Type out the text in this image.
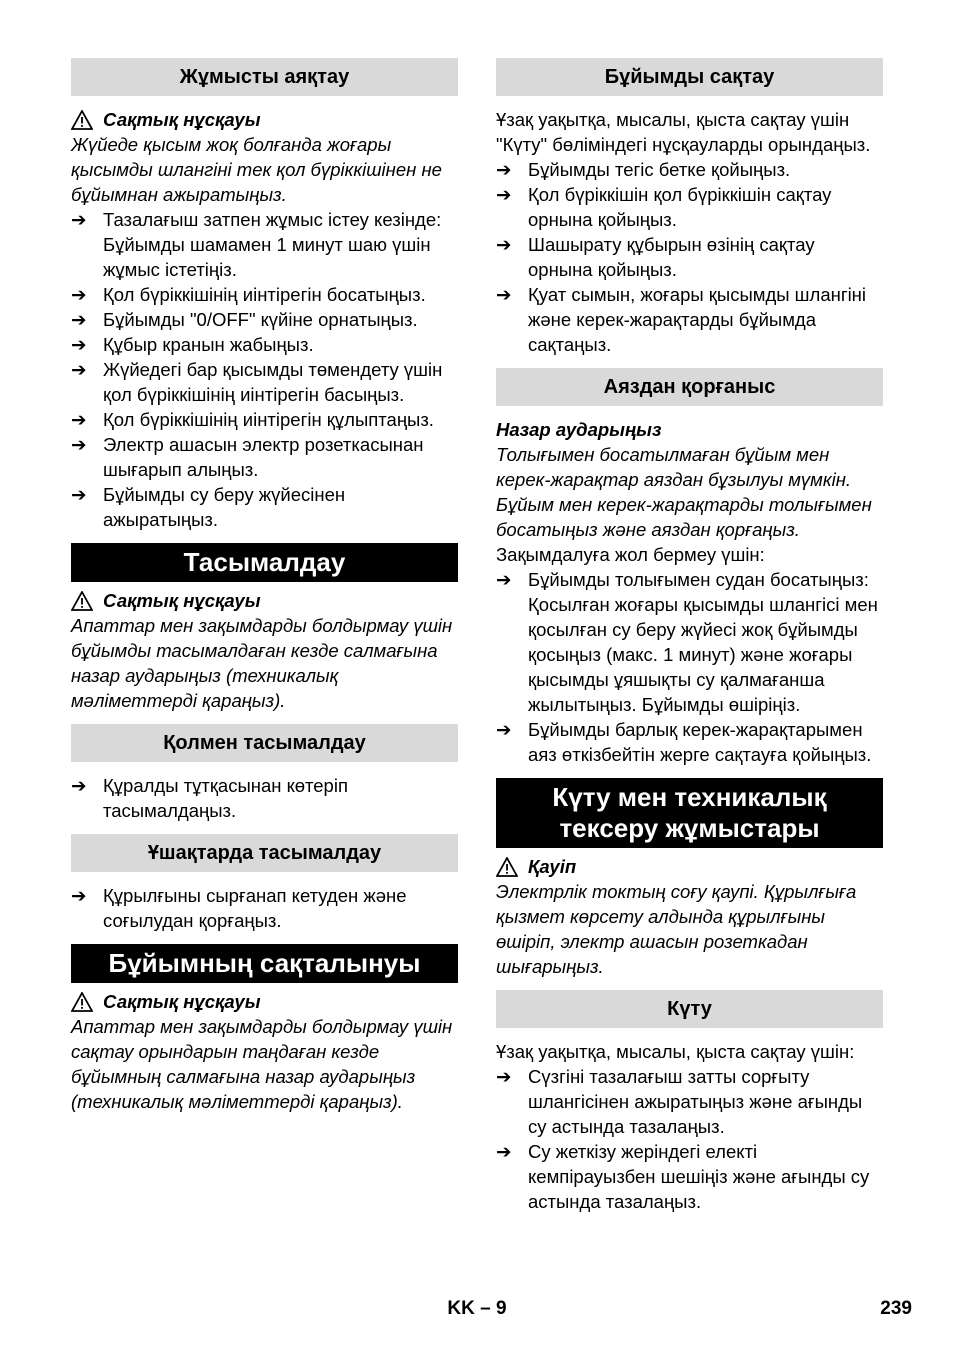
Жұмысты аяқтау
Сақтық нұсқауы

Жүйеде қысым жоқ болғанда жоғары қысымды шлангіні тек қол бүріккішінен не бұйымнан ажыратыңыз.

➔ Тазалағыш затпен жұмыс істеу кезінде: Бұйымды шамамен 1 минут шаю үшін жұмыс істетіңіз.
➔ Қол бүріккішінің иінтірегін босатыңыз.
➔ Бұйымды "0/OFF" күйіне орнатыңыз.
➔ Құбыр кранын жабыңыз.
➔ Жүйедегі бар қысымды төмендету үшін қол бүріккішінің иінтірегін басыңыз.
➔ Қол бүріккішінің иінтірегін құлыптаңыз.
➔ Электр ашасын электр розеткасынан шығарып алыңыз.
➔ Бұйымды су беру жүйесінен ажыратыңыз.
Тасымалдау
Сақтық нұсқауы

Апаттар мен зақымдарды болдырмау үшін бұйымды тасымалдаған кезде салмағына назар аударыңыз (техникалық мәліметтерді қараңыз).

Қолмен тасымалдау
➔ Құралды тұтқасынан көтеріп тасымалдаңыз.
Ұшақтарда тасымалдау
➔ Құрылғыны сырғанап кетуден және соғылудан қорғаңыз.
Бұйымның сақталынуы
Сақтық нұсқауы

Апаттар мен зақымдарды болдырмау үшін сақтау орындарын таңдаған кезде бұйымның салмағына назар аударыңыз (техникалық мәліметтерді қараңыз).

Бұйымды сақтау

Ұзақ уақытқа, мысалы, қыста сақтау үшін "Күту" бөліміндегі нұсқауларды орындаңыз.

➔ Бұйымды тегіс бетке қойыңыз.
➔ Қол бүріккішін қол бүріккішін сақтау орнына қойыңыз.
➔ Шашырату құбырын өзінің сақтау орнына қойыңыз.
➔ Қуат сымын, жоғары қысымды шлангіні және керек-жарақтарды бұйымда сақтаңыз.
Аяздан қорғаныс
Назар аударыңыз

Толығымен босатылмаған бұйым мен керек-жарақтар аяздан бұзылуы мүмкін. Бұйым мен керек-жарақтарды толығымен босатыңыз және аяздан қорғаңыз.

Зақымдалуға жол бермеу үшін:

➔ Бұйымды толығымен судан босатыңыз: Қосылған жоғары қысымды шлангісі мен қосылған су беру жүйесі жоқ бұйымды қосыңыз (макс. 1 минут) және жоғары қысымды ұяшықты су қалмағанша жылытыңыз. Бұйымды өшіріңіз.
➔ Бұйымды барлық керек-жарақтарымен аяз өткізбейтін жерге сақтауға қойыңыз.
Күту мен техникалық тексеру жұмыстары
Қауіп

Электрлік токтың соғу қаупі. Құрылғыға қызмет көрсету алдында құрылғыны өшіріп, электр ашасын розеткадан шығарыңыз.

Күту

Ұзақ уақытқа, мысалы, қыста сақтау үшін:

➔ Сүзгіні тазалағыш затты сорғыту шлангісінен ажыратыңыз және ағынды су астында тазалаңыз.
➔ Су жеткізу жеріндегі електі кемпірауызбен шешіңіз және ағынды су астында тазалаңыз.
KK – 9	239
